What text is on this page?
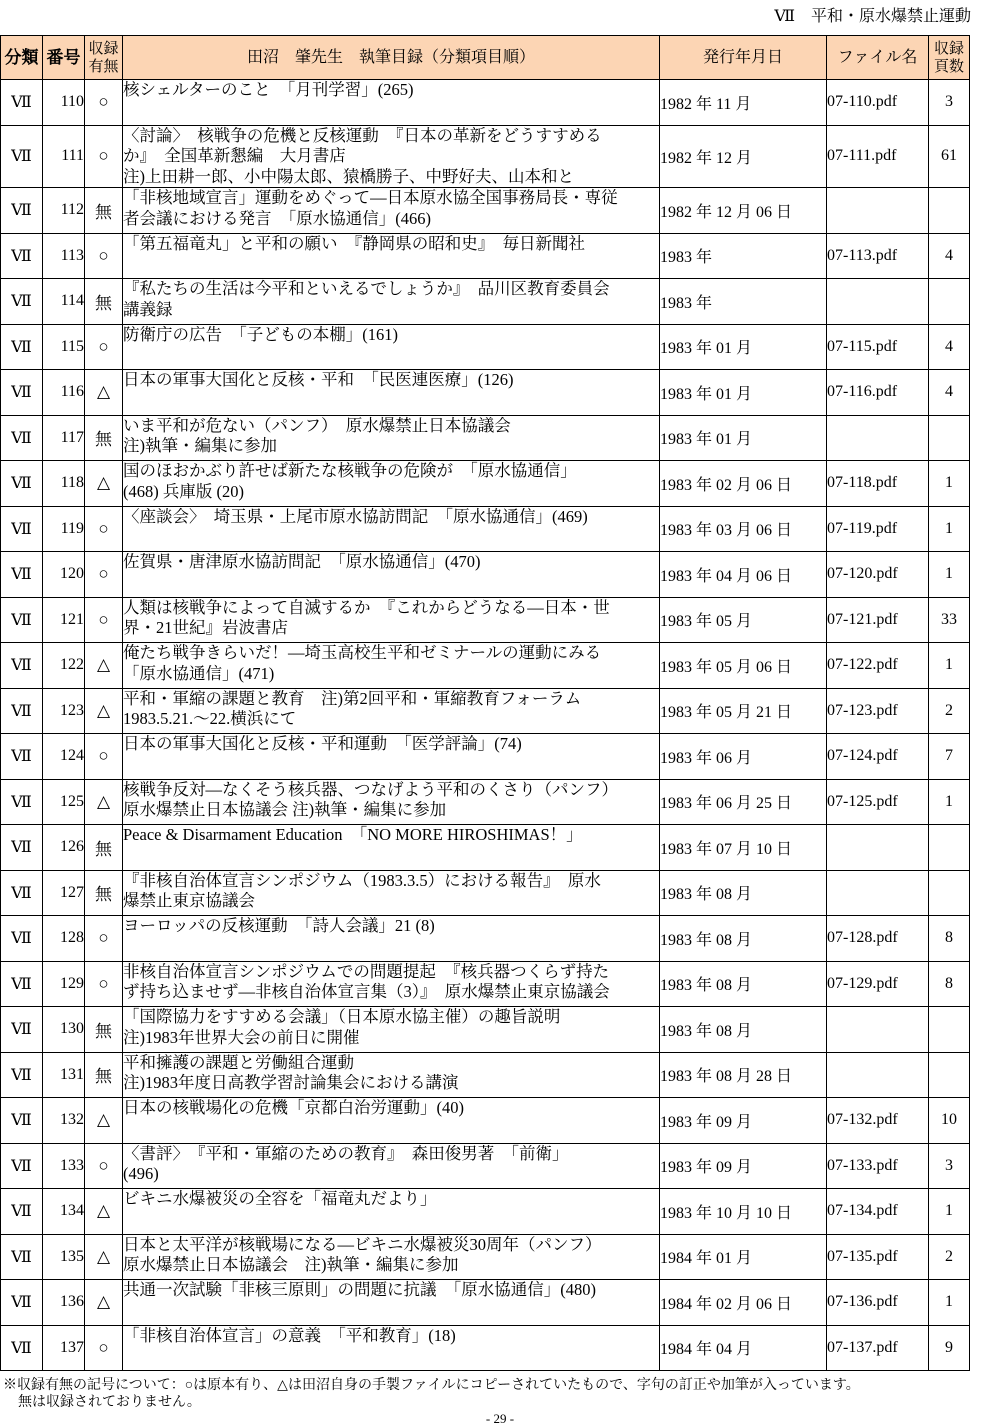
Ⅶ　平和・原水爆禁止運動
分類	番号	収録
有無	田沼　肇先生　執筆目録（分類項目順）	発行年月日	ファイル名	収録
頁数
Ⅶ	110	○	核シェルターのこと　「月刊学習」(265)	1982 年 11 月	07-110.pdf	3
Ⅶ	111	○	〈討論〉　核戦争の危機と反核運動　『日本の革新をどうすすめる
か』　全国革新懇編　大月書店
注)上田耕一郎、小中陽太郎、猿橋勝子、中野好夫、山本和と	1982 年 12 月	07-111.pdf	61
Ⅶ	112	無	「非核地域宣言」運動をめぐって―日本原水協全国事務局長・専従
者会議における発言　「原水協通信」(466)	1982 年 12 月 06 日		
Ⅶ	113	○	「第五福竜丸」と平和の願い　『静岡県の昭和史』　毎日新聞社	1983 年	07-113.pdf	4
Ⅶ	114	無	『私たちの生活は今平和といえるでしょうか』　品川区教育委員会
講義録	1983 年		
Ⅶ	115	○	防衛庁の広告　「子どもの本棚」(161)	1983 年 01 月	07-115.pdf	4
Ⅶ	116	△	日本の軍事大国化と反核・平和　「民医連医療」(126)	1983 年 01 月	07-116.pdf	4
Ⅶ	117	無	いま平和が危ない（パンフ）　原水爆禁止日本協議会
注)執筆・編集に参加	1983 年 01 月		
Ⅶ	118	△	国のほおかぶり許せば新たな核戦争の危険が　「原水協通信」
(468) 兵庫版 (20)	1983 年 02 月 06 日	07-118.pdf	1
Ⅶ	119	○	〈座談会〉　埼玉県・上尾市原水協訪問記　「原水協通信」(469)	1983 年 03 月 06 日	07-119.pdf	1
Ⅶ	120	○	佐賀県・唐津原水協訪問記　「原水協通信」(470)	1983 年 04 月 06 日	07-120.pdf	1
Ⅶ	121	○	人類は核戦争によって自滅するか　『これからどうなる―日本・世
界・21世紀』岩波書店	1983 年 05 月	07-121.pdf	33
Ⅶ	122	△	俺たち戦争きらいだ！―埼玉高校生平和ゼミナールの運動にみる
「原水協通信」(471)	1983 年 05 月 06 日	07-122.pdf	1
Ⅶ	123	△	平和・軍縮の課題と教育　注)第2回平和・軍縮教育フォーラム
1983.5.21.～22.横浜にて	1983 年 05 月 21 日	07-123.pdf	2
Ⅶ	124	○	日本の軍事大国化と反核・平和運動　「医学評論」(74)	1983 年 06 月	07-124.pdf	7
Ⅶ	125	△	核戦争反対―なくそう核兵器、つなげよう平和のくさり（パンフ）
原水爆禁止日本協議会 注)執筆・編集に参加	1983 年 06 月 25 日	07-125.pdf	1
Ⅶ	126	無	Peace & Disarmament Education　「NO MORE HIROSHIMAS！」	1983 年 07 月 10 日		
Ⅶ	127	無	『非核自治体宣言シンポジウム（1983.3.5）における報告』　原水
爆禁止東京協議会	1983 年 08 月		
Ⅶ	128	○	ヨーロッパの反核運動　「詩人会議」21 (8)	1983 年 08 月	07-128.pdf	8
Ⅶ	129	○	非核自治体宣言シンポジウムでの問題提起　『核兵器つくらず持た
ず持ち込ませず―非核自治体宣言集（3）』　原水爆禁止東京協議会	1983 年 08 月	07-129.pdf	8
Ⅶ	130	無	「国際協力をすすめる会議」（日本原水協主催）の趣旨説明
注)1983年世界大会の前日に開催	1983 年 08 月		
Ⅶ	131	無	平和擁護の課題と労働組合運動
注)1983年度日高教学習討論集会における講演	1983 年 08 月 28 日		
Ⅶ	132	△	日本の核戦場化の危機「京都白治労運動」(40)	1983 年 09 月	07-132.pdf	10
Ⅶ	133	○	〈書評〉　『平和・軍縮のための教育』　森田俊男著　「前衛」
(496)	1983 年 09 月	07-133.pdf	3
Ⅶ	134	△	ビキニ水爆被災の全容を「福竜丸だより」	1983 年 10 月 10 日	07-134.pdf	1
Ⅶ	135	△	日本と太平洋が核戦場になる―ビキニ水爆被災30周年（パンフ）
原水爆禁止日本協議会　注)執筆・編集に参加	1984 年 01 月	07-135.pdf	2
Ⅶ	136	△	共通一次試験「非核三原則」の問題に抗議　「原水協通信」(480)	1984 年 02 月 06 日	07-136.pdf	1
Ⅶ	137	○	「非核自治体宣言」の意義　「平和教育」(18)	1984 年 04 月	07-137.pdf	9
※収録有無の記号について：○は原本有り、△は田沼自身の手製ファイルにコピーされていたもので、字句の訂正や加筆が入っています。
無は収録されておりません。
- 29 -
